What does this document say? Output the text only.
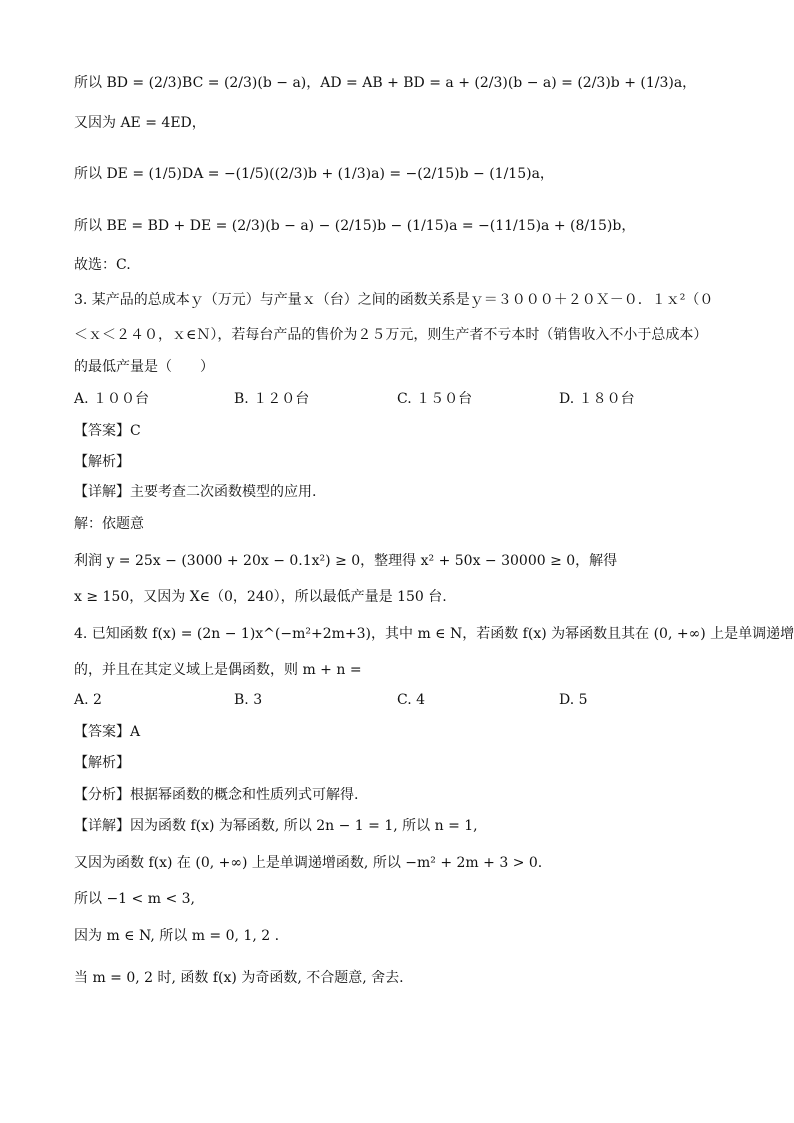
所以 BD = (2/3)BC = (2/3)(b − a)，AD = AB + BD = a + (2/3)(b − a) = (2/3)b + (1/3)a，
又因为 AE = 4ED，
所以 DE = (1/5)DA = −(1/5)((2/3)b + (1/3)a) = −(2/15)b − (1/15)a，
所以 BE = BD + DE = (2/3)(b − a) − (2/15)b − (1/15)a = −(11/15)a + (8/15)b，
故选：C.
3. 某产品的总成本ｙ（万元）与产量ｘ（台）之间的函数关系是ｙ＝３０００＋２０Ｘ－０．１ｘ²（０
＜ｘ＜２４０，ｘ∈Ｎ），若每台产品的售价为２５万元，则生产者不亏本时（销售收入不小于总成本）
的最低产量是（　　）
A. １００台	B. １２０台	C. １５０台	D. １８０台
【答案】C
【解析】
【详解】主要考查二次函数模型的应用.
解：依题意
利润 y = 25x − (3000 + 20x − 0.1x²) ≥ 0，整理得 x² + 50x − 30000 ≥ 0，解得
x ≥ 150，又因为 X∈（0，240），所以最低产量是 150 台.
4. 已知函数 f(x) = (2n − 1)x^(−m²+2m+3)，其中 m ∈ N，若函数 f(x) 为幂函数且其在 (0, +∞) 上是单调递增
的，并且在其定义域上是偶函数，则 m + n =
A. 2	B. 3	C. 4	D. 5
【答案】A
【解析】
【分析】根据幂函数的概念和性质列式可解得.
【详解】因为函数 f(x) 为幂函数, 所以 2n − 1 = 1, 所以 n = 1,
又因为函数 f(x) 在 (0, +∞) 上是单调递增函数, 所以 −m² + 2m + 3 > 0.
所以 −1 < m < 3,
因为 m ∈ N, 所以 m = 0, 1, 2 .
当 m = 0, 2 时, 函数 f(x) 为奇函数, 不合题意, 舍去.
